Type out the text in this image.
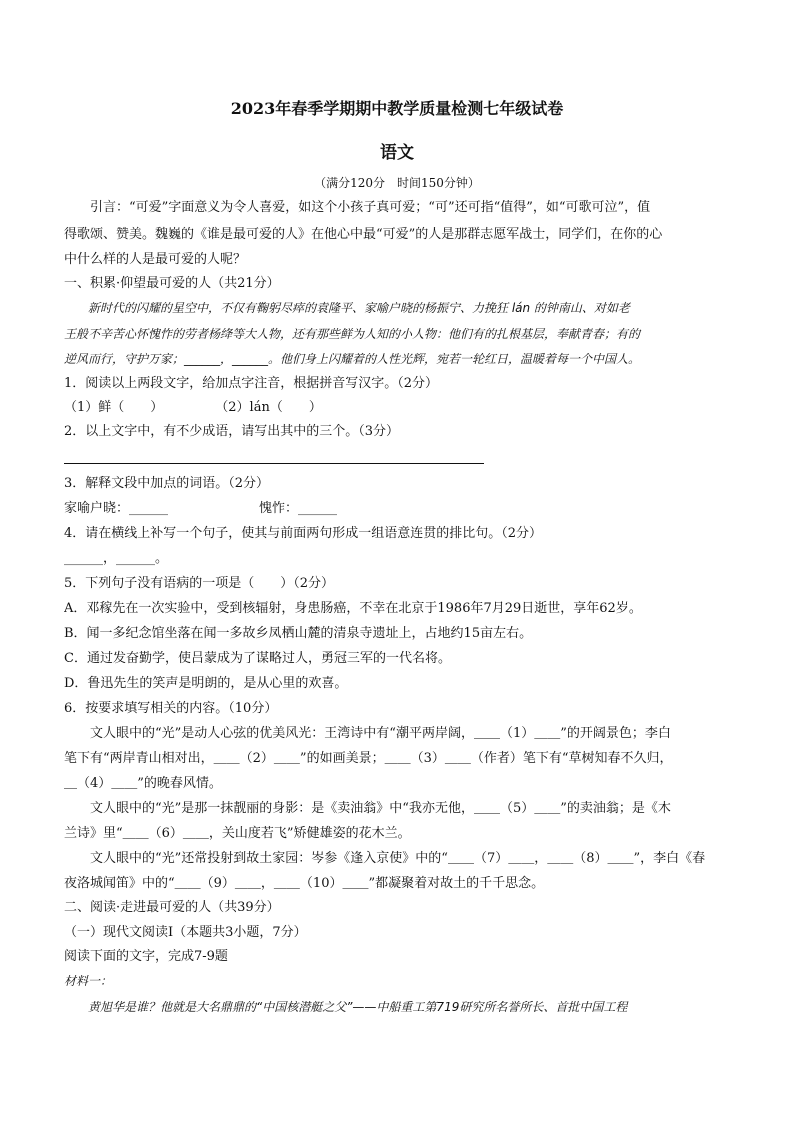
2023年春季学期期中教学质量检测七年级试卷
语文
（满分120分　时间150分钟）
　　引言：“可爱”字面意义为令人喜爱，如这个小孩子真可爱；“可”还可指“值得”，如“可歌可泣”，值
得歌颂、赞美。魏巍的《谁是最可爱的人》在他心中最“可爱”的人是那群志愿军战士，同学们，在你的心
中什么样的人是最可爱的人呢？
一、积累·仰望最可爱的人（共21分）
　　新时代的闪耀的星空中，不仅有鞠躬尽瘁的袁隆平、家喻户晓的杨振宁、力挽狂 lán 的钟南山、对如老
王般不辛苦心怀愧怍的劳者杨绛等大人物，还有那些鲜为人知的小人物：他们有的扎根基层，奉献青春；有的
逆风而行，守护万家；______，______。他们身上闪耀着的人性光辉，宛若一轮红日，温暖着每一个中国人。
1．阅读以上两段文字，给加点字注音，根据拼音写汉字。（2分）
（1）鲜（　　）　　　　　（2）lán（　　）
2．以上文字中，有不少成语，请写出其中的三个。（3分）
3．解释文段中加点的词语。（2分）
家喻户晓：______　　　　　　　愧怍：______
4．请在横线上补写一个句子，使其与前面两句形成一组语意连贯的排比句。（2分）
______，______。
5．下列句子没有语病的一项是（　　）（2分）
A．邓稼先在一次实验中，受到核辐射，身患肠癌，不幸在北京于1986年7月29日逝世，享年62岁。
B．闻一多纪念馆坐落在闻一多故乡凤栖山麓的清泉寺遗址上，占地约15亩左右。
C．通过发奋勤学，使吕蒙成为了谋略过人，勇冠三军的一代名将。
D．鲁迅先生的笑声是明朗的，是从心里的欢喜。
6．按要求填写相关的内容。（10分）
　　文人眼中的“光”是动人心弦的优美风光：王湾诗中有“潮平两岸阔，＿＿（1）＿＿”的开阔景色；李白
笔下有“两岸青山相对出，＿＿（2）＿＿”的如画美景；＿＿（3）＿＿（作者）笔下有“草树知春不久归，
＿（4）＿＿”的晚春风情。
　　文人眼中的“光”是那一抹靓丽的身影：是《卖油翁》中“我亦无他，＿＿（5）＿＿”的卖油翁；是《木
兰诗》里“＿＿（6）＿＿，关山度若飞”矫健雄姿的花木兰。
　　文人眼中的“光”还常投射到故土家园：岑参《逢入京使》中的“＿＿（7）＿＿，＿＿（8）＿＿”，李白《春
夜洛城闻笛》中的“＿＿（9）＿＿，＿＿（10）＿＿”都凝聚着对故土的千千思念。
二、阅读·走进最可爱的人（共39分）
（一）现代文阅读Ⅰ（本题共3小题，7分）
阅读下面的文字，完成7-9题
材料一：
　　黄旭华是谁？他就是大名鼎鼎的“中国核潜艇之父”——中船重工第719研究所名誉所长、首批中国工程
